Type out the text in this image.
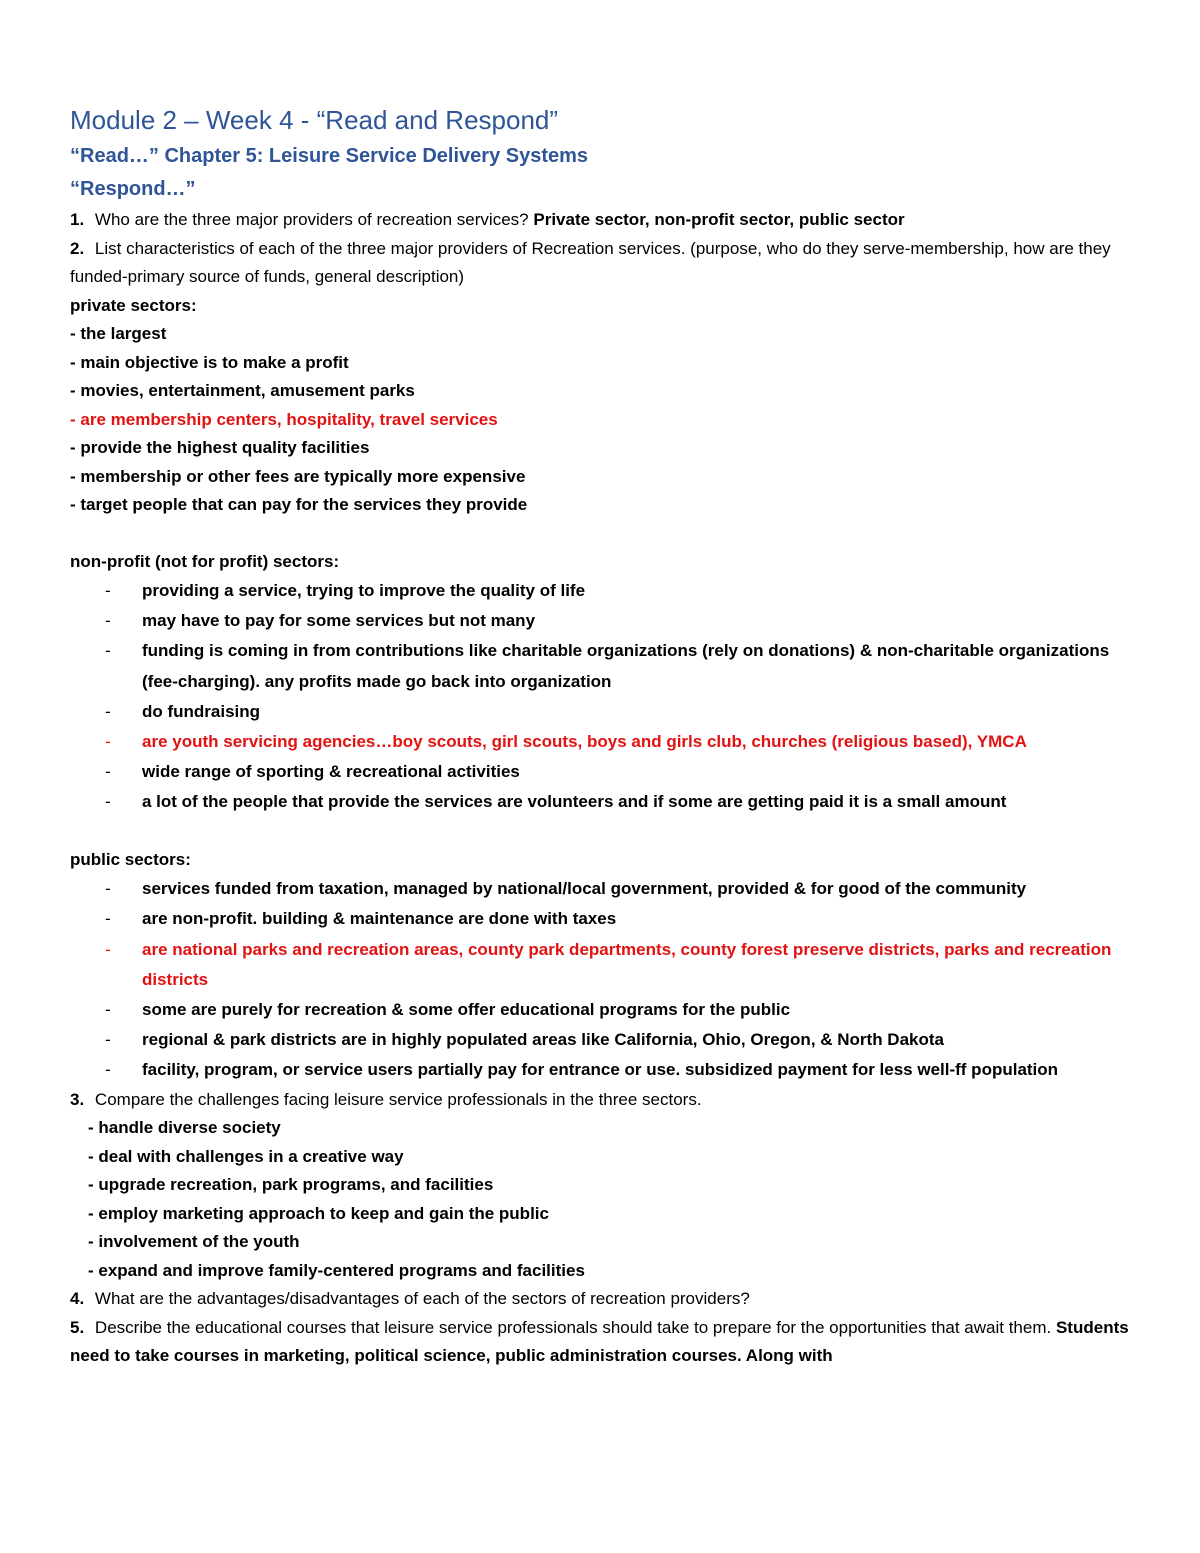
Module 2 – Week 4 - “Read and Respond”

“Read…” Chapter 5: Leisure Service Delivery Systems

“Respond…”

1. Who are the three major providers of recreation services? Private sector, non-profit sector, public sector

2. List characteristics of each of the three major providers of Recreation services. (purpose, who do they serve-membership, how are they funded-primary source of funds, general description)

private sectors:

- the largest

- main objective is to make a profit

- movies, entertainment, amusement parks

- are membership centers, hospitality, travel services

- provide the highest quality facilities

- membership or other fees are typically more expensive

- target people that can pay for the services they provide

non-profit (not for profit) sectors:

- providing a service, trying to improve the quality of life
- may have to pay for some services but not many
- funding is coming in from contributions like charitable organizations (rely on donations) & non-charitable organizations (fee-charging). any profits made go back into organization
- do fundraising
- are youth servicing agencies…boy scouts, girl scouts, boys and girls club, churches (religious based), YMCA
- wide range of sporting & recreational activities
- a lot of the people that provide the services are volunteers and if some are getting paid it is a small amount

public sectors:

- services funded from taxation, managed by national/local government, provided & for good of the community
- are non-profit. building & maintenance are done with taxes
- are national parks and recreation areas, county park departments, county forest preserve districts, parks and recreation districts
- some are purely for recreation & some offer educational programs for the public
- regional & park districts are in highly populated areas like California, Ohio, Oregon, & North Dakota
- facility, program, or service users partially pay for entrance or use. subsidized payment for less well-ff population

3. Compare the challenges facing leisure service professionals in the three sectors.

- handle diverse society

- deal with challenges in a creative way

- upgrade recreation, park programs, and facilities

- employ marketing approach to keep and gain the public

- involvement of the youth

- expand and improve family-centered programs and facilities

4. What are the advantages/disadvantages of each of the sectors of recreation providers?

5. Describe the educational courses that leisure service professionals should take to prepare for the opportunities that await them. Students need to take courses in marketing, political science, public administration courses. Along with
